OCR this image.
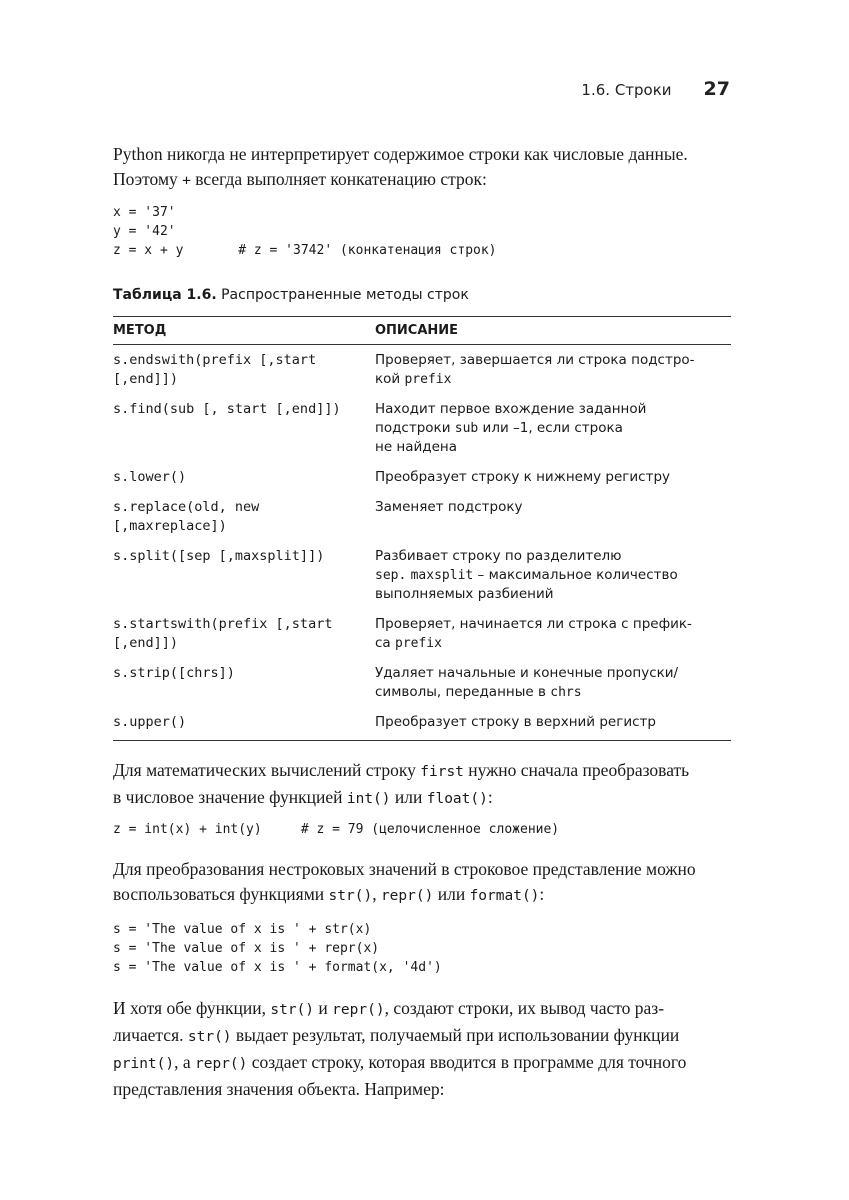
1.6. Строки 27

Python никогда не интерпретирует содержимое строки как числовые данные.
Поэтому + всегда выполняет конкатенацию строк:

x = '37'
y = '42'
z = x + y       # z = '3742' (конкатенация строк)
Таблица 1.6. Распространенные методы строк
МЕТОД	ОПИСАНИЕ
s.endswith(prefix [,start
[,end]])	Проверяет, завершается ли строка подстро-
кой prefix
s.find(sub [, start [,end]])	Находит первое вхождение заданной
подстроки sub или –1, если строка
не найдена
s.lower()	Преобразует строку к нижнему регистру
s.replace(old, new
[,maxreplace])	Заменяет подстроку
s.split([sep [,maxsplit]])	Разбивает строку по разделителю
sep. maxsplit – максимальное количество
выполняемых разбиений
s.startswith(prefix [,start
[,end]])	Проверяет, начинается ли строка с префик-
са prefix
s.strip([chrs])	Удаляет начальные и конечные пропуски/
символы, переданные в chrs
s.upper()	Преобразует строку в верхний регистр

Для математических вычислений строку first нужно сначала преобразовать
в числовое значение функцией int() или float():

z = int(x) + int(y)     # z = 79 (целочисленное сложение)

Для преобразования нестроковых значений в строковое представление можно
воспользоваться функциями str(), repr() или format():

s = 'The value of x is ' + str(x)
s = 'The value of x is ' + repr(x)
s = 'The value of x is ' + format(x, '4d')

И хотя обе функции, str() и repr(), создают строки, их вывод часто раз-
личается. str() выдает результат, получаемый при использовании функции
print(), а repr() создает строку, которая вводится в программе для точного
представления значения объекта. Например:
